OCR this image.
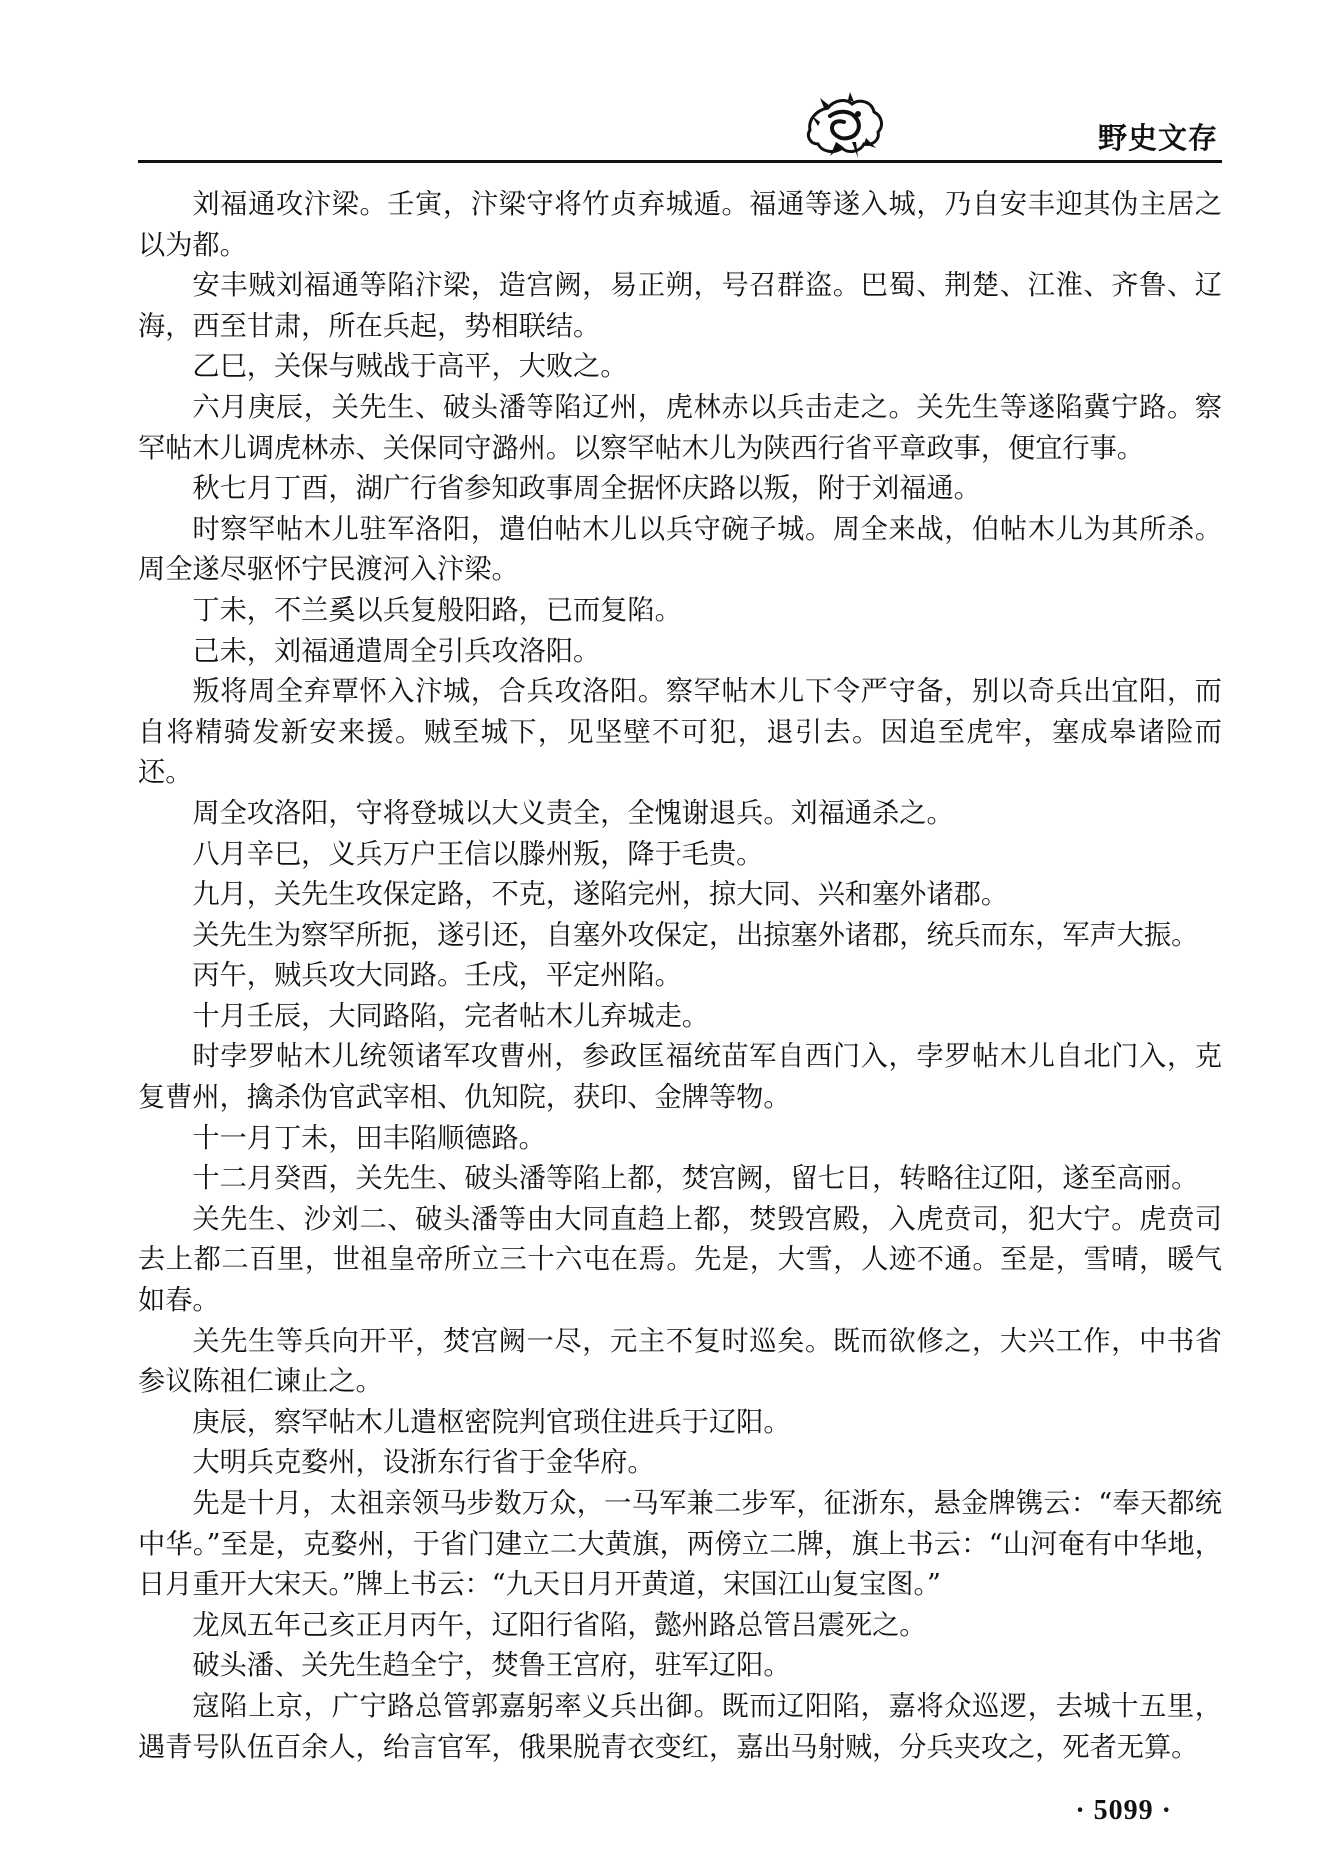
野史文存

刘福通攻汴梁。壬寅，汴梁守将竹贞弃城遁。福通等遂入城，乃自安丰迎其伪主居之以为都。

安丰贼刘福通等陷汴梁，造宫阙，易正朔，号召群盗。巴蜀、荆楚、江淮、齐鲁、辽海，西至甘肃，所在兵起，势相联结。

乙巳，关保与贼战于高平，大败之。

六月庚辰，关先生、破头潘等陷辽州，虎林赤以兵击走之。关先生等遂陷冀宁路。察罕帖木儿调虎林赤、关保同守潞州。以察罕帖木儿为陕西行省平章政事，便宜行事。

秋七月丁酉，湖广行省参知政事周全据怀庆路以叛，附于刘福通。

时察罕帖木儿驻军洛阳，遣伯帖木儿以兵守碗子城。周全来战，伯帖木儿为其所杀。周全遂尽驱怀宁民渡河入汴梁。

丁未，不兰奚以兵复般阳路，已而复陷。

己未，刘福通遣周全引兵攻洛阳。

叛将周全弃覃怀入汴城，合兵攻洛阳。察罕帖木儿下令严守备，别以奇兵出宜阳，而自将精骑发新安来援。贼至城下，见坚壁不可犯，退引去。因追至虎牢，塞成皋诸险而还。

周全攻洛阳，守将登城以大义责全，全愧谢退兵。刘福通杀之。

八月辛巳，义兵万户王信以滕州叛，降于毛贵。

九月，关先生攻保定路，不克，遂陷完州，掠大同、兴和塞外诸郡。

关先生为察罕所扼，遂引还，自塞外攻保定，出掠塞外诸郡，统兵而东，军声大振。

丙午，贼兵攻大同路。壬戌，平定州陷。

十月壬辰，大同路陷，完者帖木儿弃城走。

时孛罗帖木儿统领诸军攻曹州，参政匡福统苗军自西门入，孛罗帖木儿自北门入，克复曹州，擒杀伪官武宰相、仇知院，获印、金牌等物。

十一月丁未，田丰陷顺德路。

十二月癸酉，关先生、破头潘等陷上都，焚宫阙，留七日，转略往辽阳，遂至高丽。

关先生、沙刘二、破头潘等由大同直趋上都，焚毁宫殿，入虎贲司，犯大宁。虎贲司去上都二百里，世祖皇帝所立三十六屯在焉。先是，大雪，人迹不通。至是，雪晴，暖气如春。

关先生等兵向开平，焚宫阙一尽，元主不复时巡矣。既而欲修之，大兴工作，中书省参议陈祖仁谏止之。

庚辰，察罕帖木儿遣枢密院判官琐住进兵于辽阳。

大明兵克婺州，设浙东行省于金华府。

先是十月，太祖亲领马步数万众，一马军兼二步军，征浙东，悬金牌镌云：“奉天都统中华。”至是，克婺州，于省门建立二大黄旗，两傍立二牌，旗上书云：“山河奄有中华地，日月重开大宋天。”牌上书云：“九天日月开黄道，宋国江山复宝图。”

龙凤五年己亥正月丙午，辽阳行省陷，懿州路总管吕震死之。

破头潘、关先生趋全宁，焚鲁王宫府，驻军辽阳。

寇陷上京，广宁路总管郭嘉躬率义兵出御。既而辽阳陷，嘉将众巡逻，去城十五里，遇青号队伍百余人，绐言官军，俄果脱青衣变红，嘉出马射贼，分兵夹攻之，死者无算。

· 5099 ·
